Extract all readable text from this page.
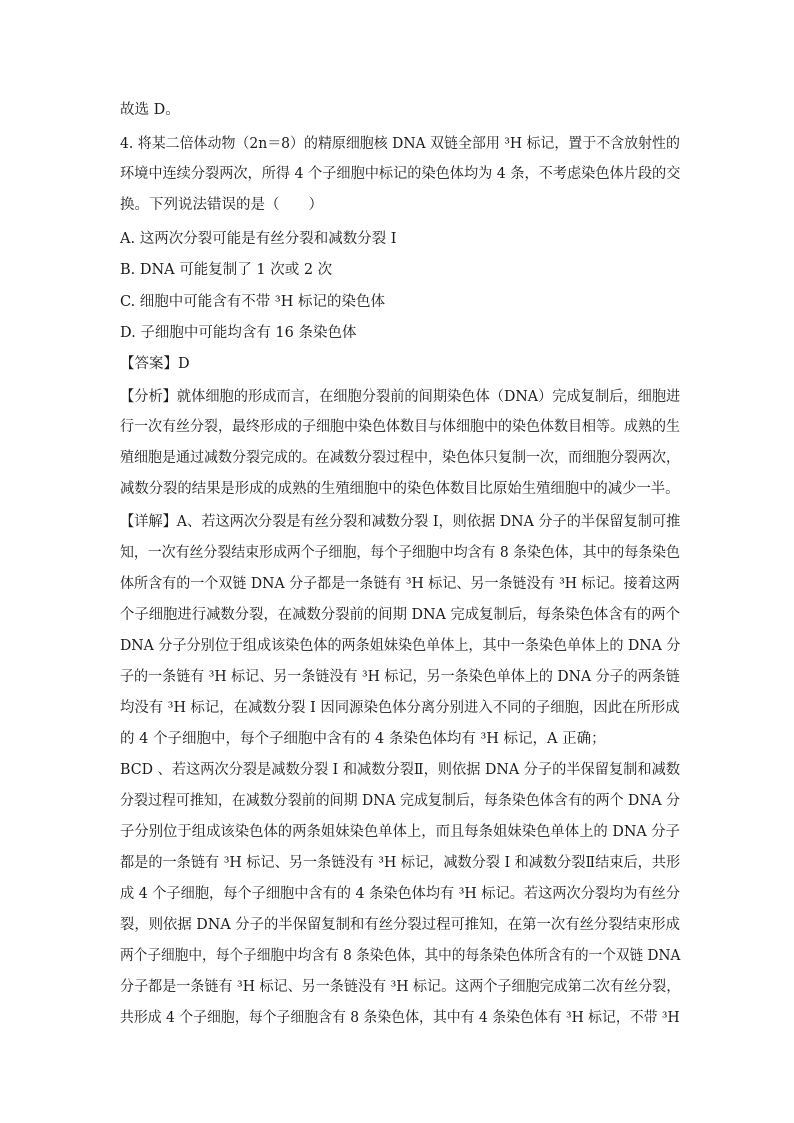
故选 D。
4. 将某二倍体动物（2n＝8）的精原细胞核 DNA 双链全部用 ³H 标记，置于不含放射性的
环境中连续分裂两次，所得 4 个子细胞中标记的染色体均为 4 条，不考虑染色体片段的交
换。下列说法错误的是（　　）
A. 这两次分裂可能是有丝分裂和减数分裂 I
B. DNA 可能复制了 1 次或 2 次
C. 细胞中可能含有不带 ³H 标记的染色体
D. 子细胞中可能均含有 16 条染色体
【答案】D
【分析】就体细胞的形成而言，在细胞分裂前的间期染色体（DNA）完成复制后，细胞进
行一次有丝分裂，最终形成的子细胞中染色体数目与体细胞中的染色体数目相等。成熟的生
殖细胞是通过减数分裂完成的。在减数分裂过程中，染色体只复制一次，而细胞分裂两次，
减数分裂的结果是形成的成熟的生殖细胞中的染色体数目比原始生殖细胞中的减少一半。
【详解】A、若这两次分裂是有丝分裂和减数分裂 I，则依据 DNA 分子的半保留复制可推
知，一次有丝分裂结束形成两个子细胞，每个子细胞中均含有 8 条染色体，其中的每条染色
体所含有的一个双链 DNA 分子都是一条链有 ³H 标记、另一条链没有 ³H 标记。接着这两
个子细胞进行减数分裂，在减数分裂前的间期 DNA 完成复制后，每条染色体含有的两个
DNA 分子分别位于组成该染色体的两条姐妹染色单体上，其中一条染色单体上的 DNA 分
子的一条链有 ³H 标记、另一条链没有 ³H 标记，另一条染色单体上的 DNA 分子的两条链
均没有 ³H 标记，在减数分裂 I 因同源染色体分离分别进入不同的子细胞，因此在所形成
的 4 个子细胞中，每个子细胞中含有的 4 条染色体均有 ³H 标记，A 正确；
BCD 、若这两次分裂是减数分裂 I 和减数分裂Ⅱ，则依据 DNA 分子的半保留复制和减数
分裂过程可推知，在减数分裂前的间期 DNA 完成复制后，每条染色体含有的两个 DNA 分
子分别位于组成该染色体的两条姐妹染色单体上，而且每条姐妹染色单体上的 DNA 分子
都是的一条链有 ³H 标记、另一条链没有 ³H 标记，减数分裂 I 和减数分裂Ⅱ结束后，共形
成 4 个子细胞，每个子细胞中含有的 4 条染色体均有 ³H 标记。若这两次分裂均为有丝分
裂，则依据 DNA 分子的半保留复制和有丝分裂过程可推知，在第一次有丝分裂结束形成
两个子细胞中，每个子细胞中均含有 8 条染色体，其中的每条染色体所含有的一个双链 DNA
分子都是一条链有 ³H 标记、另一条链没有 ³H 标记。这两个子细胞完成第二次有丝分裂，
共形成 4 个子细胞，每个子细胞含有 8 条染色体，其中有 4 条染色体有 ³H 标记，不带 ³H
